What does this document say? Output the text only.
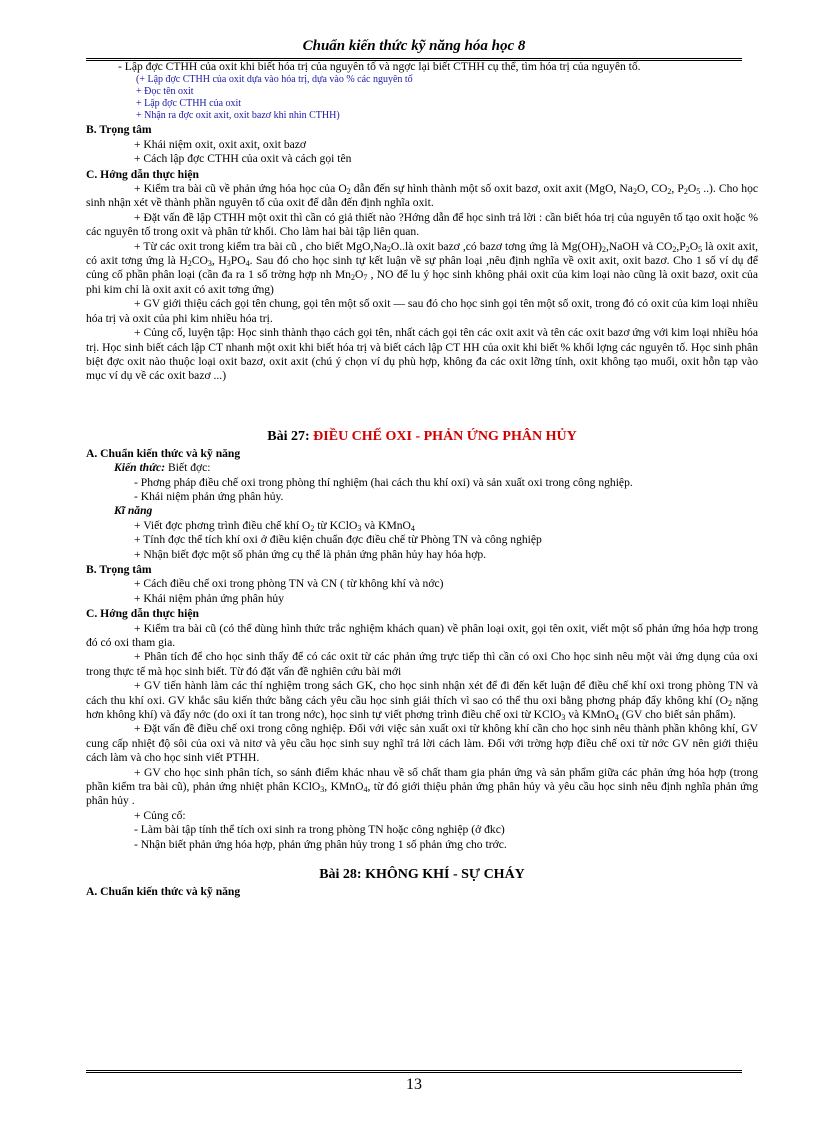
Chuẩn kiến thức kỹ năng hóa học 8

- Lập đợc CTHH của oxit khi biết hóa trị của nguyên tố và ngợc lại biết CTHH cụ thể, tìm hóa trị của nguyên tố.

(+ Lập đợc CTHH của oxit dựa vào hóa trị, dựa vào % các nguyên tố
+ Đọc tên oxit
+ Lập đợc CTHH của oxit
+ Nhận ra đợc oxit axit, oxit bazơ khi nhìn CTHH)
B. Trọng tâm
+ Khái niệm oxit, oxit axit, oxit bazơ
+ Cách lập đợc CTHH của oxit và cách gọi tên
C. Hớng dẫn thực hiện

+ Kiểm tra bài cũ về phản ứng hóa học của $O_2$ dẫn đến sự hình thành một số oxit bazơ, oxit axit (MgO, $Na_2O$, $CO_2$, $P_2O_5$ ..). Cho học sinh nhận xét về thành phần nguyên tố của oxit để dẫn đến định nghĩa oxit.

+ Đặt vấn đề lập CTHH một oxit thì cần có giả thiết nào ?Hớng dẫn để học sinh trả lời : cần biết hóa trị của nguyên tố tạo oxit hoặc % các nguyên tố trong oxit và phân tử khối. Cho làm hai bài tập liên quan.

+ Từ các oxit trong kiểm tra bài cũ , cho biết $MgO,Na_2O..là$ oxit bazơ ,có bazơ tơng ứng là $Mg(OH)_2,NaOH$ và $CO_2,P_2O_5$ là oxit axit, có axit tơng ứng là $H_2CO_3$, $H_3PO_4$. Sau đó cho học sinh tự kết luận về sự phân loại ,nêu định nghĩa về oxit axit, oxit bazơ. Cho 1 số ví dụ để củng cố phần phân loại (cần đa ra 1 số trờng hợp nh $Mn_2O_7$ , NO để lu ý học sinh không phải oxit của kim loại nào cũng là oxit bazơ, oxit của phi kim chỉ là oxit axit có axit tơng ứng)

+ GV giới thiệu cách gọi tên chung, gọi tên một số oxit — sau đó cho học sinh gọi tên một số oxit, trong đó có oxit của kim loại nhiều hóa trị và oxit của phi kim nhiều hóa trị.

+ Củng cố, luyện tập: Học sinh thành thạo cách gọi tên, nhất cách gọi tên các oxit axit và tên các oxit bazơ ứng với kim loại nhiều hóa trị. Học sinh biết cách lập CT nhanh một oxit khi biết hóa trị và biết cách lập CT HH của oxit khi biết % khối lợng các nguyên tố. Học sinh phân biệt đợc oxit nào thuộc loại oxit bazơ, oxit axit (chú ý chọn ví dụ phù hợp, không đa các oxit lỡng tính, oxit không tạo muối, oxit hỗn tạp vào mục ví dụ về các oxit bazơ ...)

Bài 27: ĐIỀU CHẾ OXI - PHẢN ỨNG PHÂN HỦY
A. Chuẩn kiến thức và kỹ năng
Kiến thức: Biết đợc:

- Phơng pháp điều chế oxi trong phòng thí nghiệm (hai cách thu khí oxi) và sản xuất oxi trong công nghiệp.

- Khái niệm phản ứng phân hủy.

Kĩ năng
+ Viết đợc phơng trình điều chế khí $O_2$ từ KClO$_3$ và KMnO$_4$
+ Tính đợc thể tích khí oxi ở điều kiện chuẩn đợc điều chế từ Phòng TN và công nghiệp
+ Nhận biết đợc một số phản ứng cụ thể là phản ứng phân hủy hay hóa hợp.
B. Trọng tâm
+ Cách điều chế oxi trong phòng TN và CN ( từ không khí và nớc)
+ Khái niệm phản ứng phân hủy
C. Hớng dẫn thực hiện

+ Kiểm tra bài cũ (có thể dùng hình thức trắc nghiệm khách quan) về phân loại oxit, gọi tên oxit, viết một số phản ứng hóa hợp trong đó có oxi tham gia.

+ Phân tích để cho học sinh thấy để có các oxit từ các phản ứng trực tiếp thì cần có oxi Cho học sinh nêu một vài ứng dụng của oxi trong thực tế mà học sinh biết. Từ đó đặt vấn đề nghiên cứu bài mới

+ GV tiến hành làm các thí nghiệm trong sách GK, cho học sinh nhận xét để đi đến kết luận để điều chế khí oxi trong phòng TN và cách thu khí oxi. GV khắc sâu kiến thức bằng cách yêu cầu học sinh giải thích vì sao có thể thu oxi bằng phơng pháp đẩy không khí ($O_2$ nặng hơn không khí) và đẩy nớc (do oxi ít tan trong nớc), học sinh tự viết phơng trình điều chế oxi từ KClO$_3$ và KMnO$_4$ (GV cho biết sản phẩm).

+ Đặt vấn đề điều chế oxi trong công nghiệp. Đối với việc sản xuất oxi từ không khí cần cho học sinh nêu thành phần không khí, GV cung cấp nhiệt độ sôi của oxi và nitơ và yêu cầu học sinh suy nghĩ trả lời cách làm. Đối với trờng hợp điều chế oxi từ nớc GV nên giới thiệu cách làm và cho học sinh viết PTHH.

+ GV cho học sinh phân tích, so sánh điểm khác nhau về số chất tham gia phản ứng và sản phẩm giữa các phản ứng hóa hợp (trong phần kiểm tra bài cũ), phản ứng nhiệt phân KClO$_3$, KMnO$_4$, từ đó giới thiệu phản ứng phân hủy và yêu cầu học sinh nêu định nghĩa phản ứng phân hủy .

+ Củng cố:
- Làm bài tập tính thể tích oxi sinh ra trong phòng TN hoặc công nghiệp (ở đkc)
- Nhận biết phản ứng hóa hợp, phản ứng phân hủy trong 1 số phản ứng cho trớc.
Bài 28: KHÔNG KHÍ - SỰ CHÁY
A. Chuẩn kiến thức và kỹ năng
13
